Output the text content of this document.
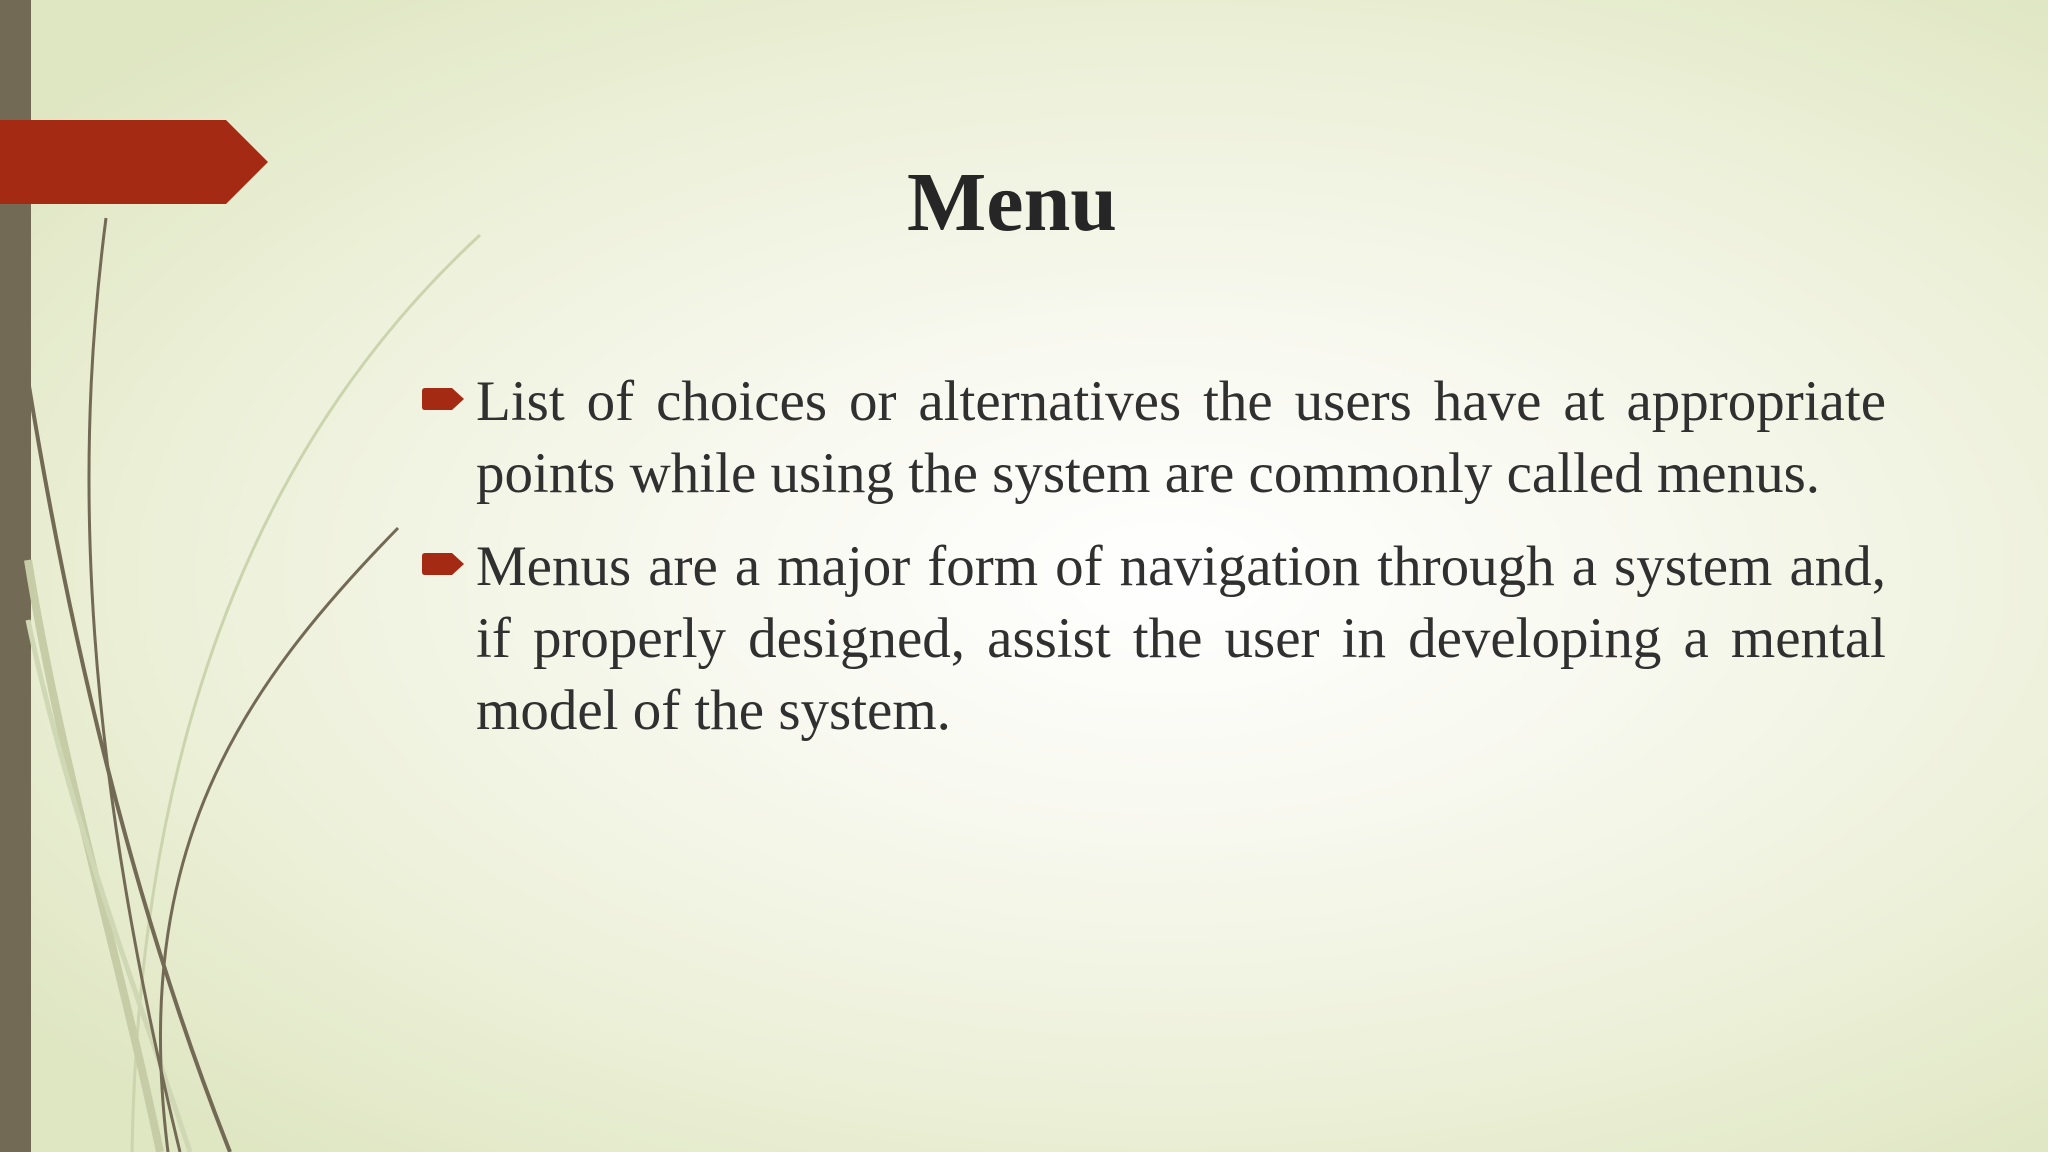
Menu
List of choices or alternatives the users have at appropriate points while using the system are commonly called menus.
Menus are a major form of navigation through a system and, if properly designed, assist the user in developing a mental model of the system.
